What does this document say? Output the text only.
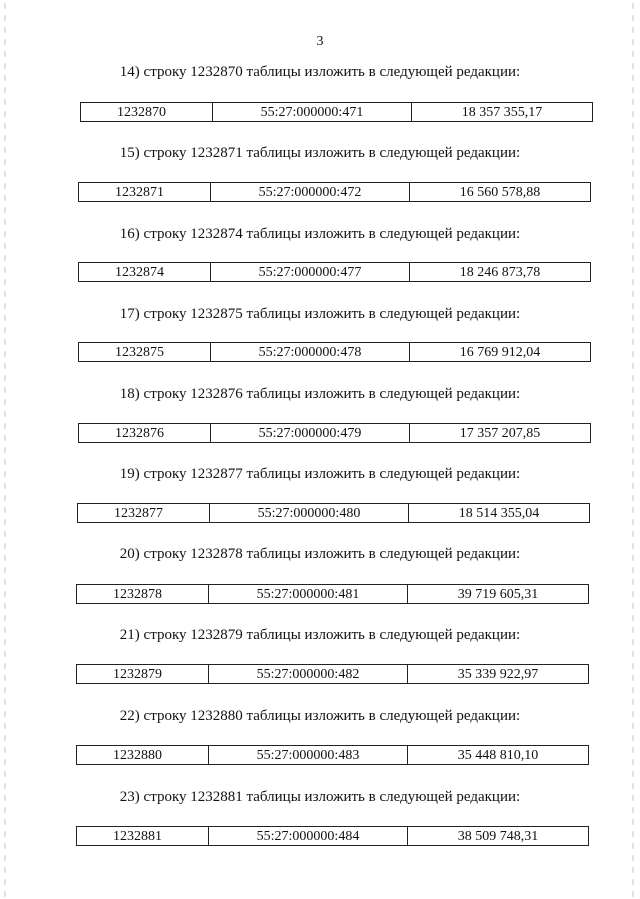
3
14) строку 1232870 таблицы изложить в следующей редакции:
1232870	55:27:000000:471	18 357 355,17
15) строку 1232871 таблицы изложить в следующей редакции:
1232871	55:27:000000:472	16 560 578,88
16) строку 1232874 таблицы изложить в следующей редакции:
1232874	55:27:000000:477	18 246 873,78
17) строку 1232875 таблицы изложить в следующей редакции:
1232875	55:27:000000:478	16 769 912,04
18) строку 1232876 таблицы изложить в следующей редакции:
1232876	55:27:000000:479	17 357 207,85
19) строку 1232877 таблицы изложить в следующей редакции:
1232877	55:27:000000:480	18 514 355,04
20) строку 1232878 таблицы изложить в следующей редакции:
1232878	55:27:000000:481	39 719 605,31
21) строку 1232879 таблицы изложить в следующей редакции:
1232879	55:27:000000:482	35 339 922,97
22) строку 1232880 таблицы изложить в следующей редакции:
1232880	55:27:000000:483	35 448 810,10
23) строку 1232881 таблицы изложить в следующей редакции:
1232881	55:27:000000:484	38 509 748,31
